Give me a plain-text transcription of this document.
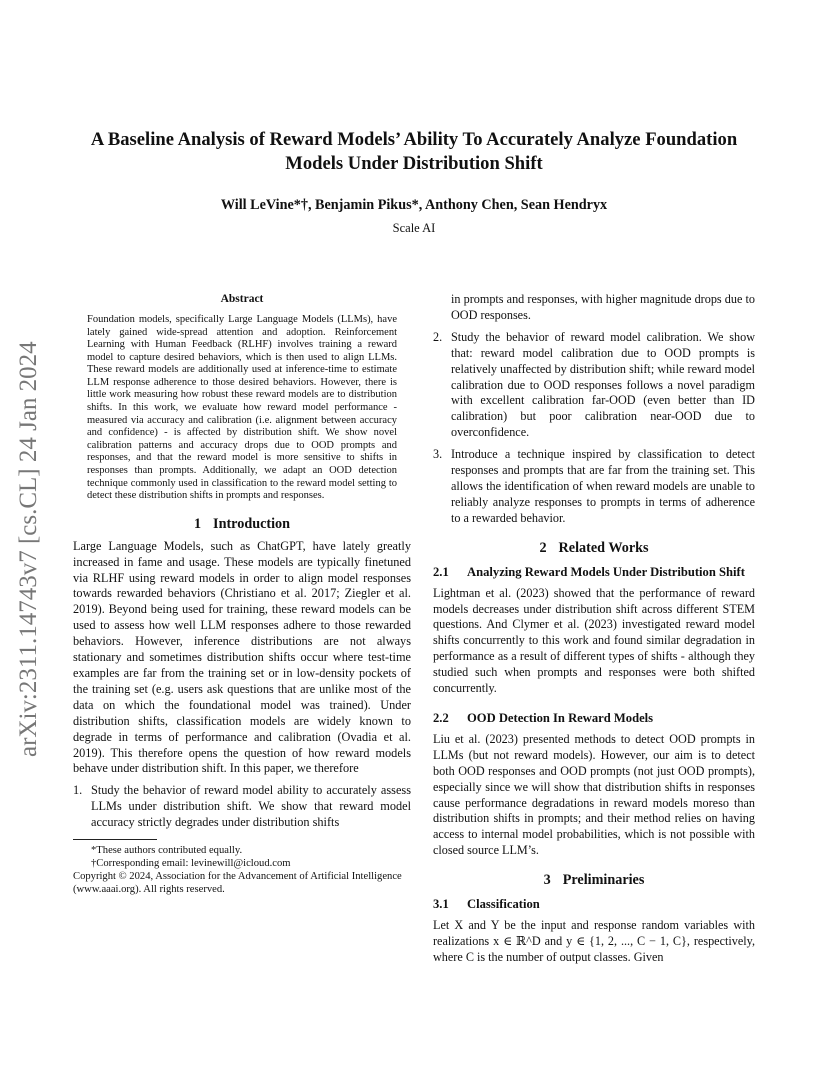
arXiv:2311.14743v7 [cs.CL] 24 Jan 2024
A Baseline Analysis of Reward Models’ Ability To Accurately Analyze Foundation Models Under Distribution Shift
Will LeVine*†, Benjamin Pikus*, Anthony Chen, Sean Hendryx
Scale AI
Abstract

Foundation models, specifically Large Language Models (LLMs), have lately gained wide-spread attention and adoption. Reinforcement Learning with Human Feedback (RLHF) involves training a reward model to capture desired behaviors, which is then used to align LLMs. These reward models are additionally used at inference-time to estimate LLM response adherence to those desired behaviors. However, there is little work measuring how robust these reward models are to distribution shifts. In this work, we evaluate how reward model performance - measured via accuracy and calibration (i.e. alignment between accuracy and confidence) - is affected by distribution shift. We show novel calibration patterns and accuracy drops due to OOD prompts and responses, and that the reward model is more sensitive to shifts in responses than prompts. Additionally, we adapt an OOD detection technique commonly used in classification to the reward model setting to detect these distribution shifts in prompts and responses.

1 Introduction

Large Language Models, such as ChatGPT, have lately greatly increased in fame and usage. These models are typically finetuned via RLHF using reward models in order to align model responses towards rewarded behaviors (Christiano et al. 2017; Ziegler et al. 2019). Beyond being used for training, these reward models can be used to assess how well LLM responses adhere to those rewarded behaviors. However, inference distributions are not always stationary and sometimes distribution shifts occur where test-time examples are far from the training set or in low-density pockets of the training set (e.g. users ask questions that are unlike most of the data on which the foundational model was trained). Under distribution shifts, classification models are widely known to degrade in terms of performance and calibration (Ovadia et al. 2019). This therefore opens the question of how reward models behave under distribution shift. In this paper, we therefore

1. Study the behavior of reward model ability to accurately assess LLMs under distribution shift. We show that reward model accuracy strictly degrades under distribution shifts
*These authors contributed equally.
†Corresponding email: levinewill@icloud.com
Copyright © 2024, Association for the Advancement of Artificial Intelligence (www.aaai.org). All rights reserved.
in prompts and responses, with higher magnitude drops due to OOD responses.
2. Study the behavior of reward model calibration. We show that: reward model calibration due to OOD prompts is relatively unaffected by distribution shift; while reward model calibration due to OOD responses follows a novel paradigm with excellent calibration far-OOD (even better than ID calibration) but poor calibration near-OOD due to overconfidence.
3. Introduce a technique inspired by classification to detect responses and prompts that are far from the training set. This allows the identification of when reward models are unable to reliably analyze responses to prompts in terms of adherence to a rewarded behavior.
2 Related Works
2.1	Analyzing Reward Models Under Distribution Shift

Lightman et al. (2023) showed that the performance of reward models decreases under distribution shift across different STEM questions. And Clymer et al. (2023) investigated reward model shifts concurrently to this work and found similar degradation in performance as a result of different types of shifts - although they studied such when prompts and responses were both shifted concurrently.

2.2	OOD Detection In Reward Models

Liu et al. (2023) presented methods to detect OOD prompts in LLMs (but not reward models). However, our aim is to detect both OOD responses and OOD prompts (not just OOD prompts), especially since we will show that distribution shifts in responses cause performance degradations in reward models moreso than distribution shifts in prompts; and their method relies on having access to internal model probabilities, which is not possible with closed source LLM’s.

3 Preliminaries
3.1	Classification

Let X and Y be the input and response random variables with realizations x ∈ ℝ^D and y ∈ {1, 2, ..., C − 1, C}, respectively, where C is the number of output classes. Given
